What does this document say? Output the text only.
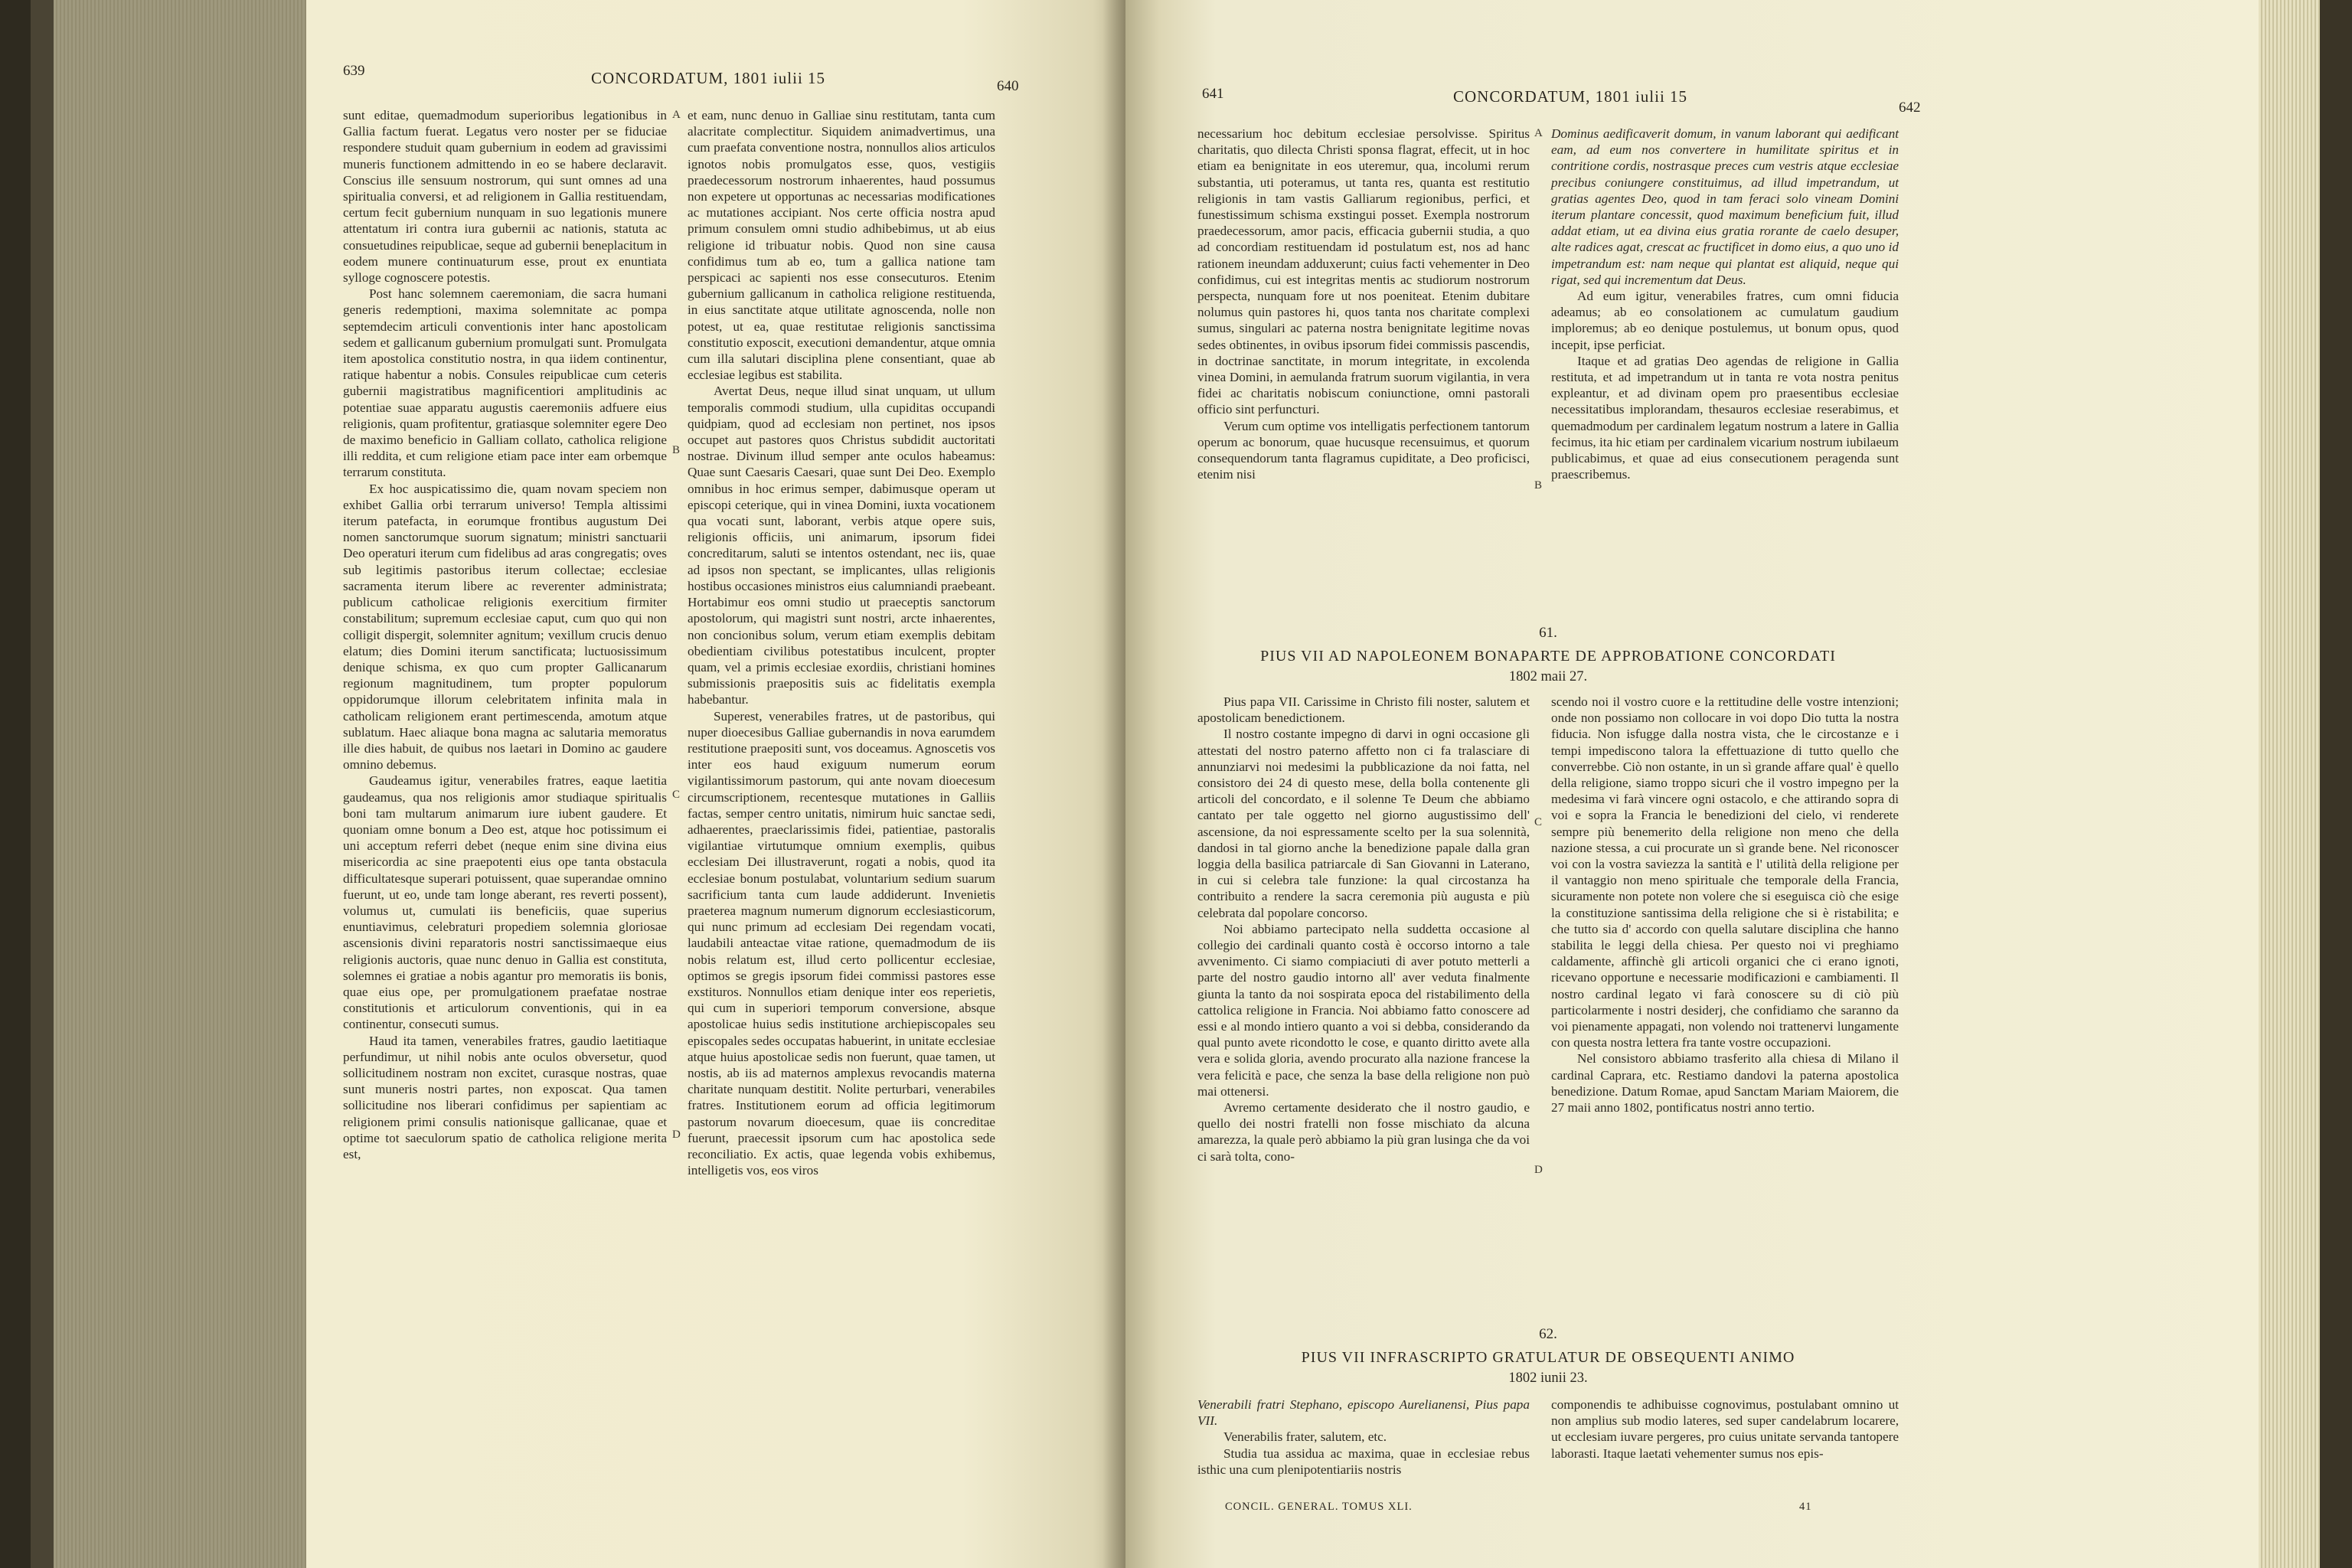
639	CONCORDATUM, 1801 iulii 15	640

sunt editae, quemadmodum superioribus legationibus in Gallia factum fuerat. Legatus vero noster per se fiduciae respondere studuit quam gubernium in eodem ad gravissimi muneris functionem admittendo in eo se habere declaravit. Conscius ille sensuum nostrorum, qui sunt omnes ad una spiritualia conversi, et ad religionem in Gallia restituendam, certum fecit gubernium nunquam in suo legationis munere attentatum iri contra iura gubernii ac nationis, statuta ac consuetudines reipublicae, seque ad gubernii beneplacitum in eodem munere continuaturum esse, prout ex enuntiata sylloge cognoscere potestis.

Post hanc solemnem caeremoniam, die sacra humani generis redemptioni, maxima solemnitate ac pompa septemdecim articuli conventionis inter hanc apostolicam sedem et gallicanum gubernium promulgati sunt. Promulgata item apostolica constitutio nostra, in qua iidem continentur, ratique habentur a nobis. Consules reipublicae cum ceteris gubernii magistratibus magnificentiori amplitudinis ac potentiae suae apparatu augustis caeremoniis adfuere eius religionis, quam profitentur, gratiasque solemniter egere Deo de maximo beneficio in Galliam collato, catholica religione illi reddita, et cum religione etiam pace inter eam orbemque terrarum constituta.

Ex hoc auspicatissimo die, quam novam speciem non exhibet Gallia orbi terrarum universo! Templa altissimi iterum patefacta, in eorumque frontibus augustum Dei nomen sanctorumque suorum signatum; ministri sanctuarii Deo operaturi iterum cum fidelibus ad aras congregatis; oves sub legitimis pastoribus iterum collectae; ecclesiae sacramenta iterum libere ac reverenter administrata; publicum catholicae religionis exercitium firmiter constabilitum; supremum ecclesiae caput, cum quo qui non colligit dispergit, solemniter agnitum; vexillum crucis denuo elatum; dies Domini iterum sanctificata; luctuosissimum denique schisma, ex quo cum propter Gallicanarum regionum magnitudinem, tum propter populorum oppidorumque illorum celebritatem infinita mala in catholicam religionem erant pertimescenda, amotum atque sublatum. Haec aliaque bona magna ac salutaria memoratus ille dies habuit, de quibus nos laetari in Domino ac gaudere omnino debemus.

Gaudeamus igitur, venerabiles fratres, eaque laetitia gaudeamus, qua nos religionis amor studiaque spiritualis boni tam multarum animarum iure iubent gaudere. Et quoniam omne bonum a Deo est, atque hoc potissimum ei uni acceptum referri debet (neque enim sine divina eius misericordia ac sine praepotenti eius ope tanta obstacula difficultatesque superari potuissent, quae superandae omnino fuerunt, ut eo, unde tam longe aberant, res reverti possent), volumus ut, cumulati iis beneficiis, quae superius enuntiavimus, celebraturi propediem solemnia gloriosae ascensionis divini reparatoris nostri sanctissimaeque eius religionis auctoris, quae nunc denuo in Gallia est constituta, solemnes ei gratiae a nobis agantur pro memoratis iis bonis, quae eius ope, per promulgationem praefatae nostrae constitutionis et articulorum conventionis, qui in ea continentur, consecuti sumus.

Haud ita tamen, venerabiles fratres, gaudio laetitiaque perfundimur, ut nihil nobis ante oculos obversetur, quod sollicitudinem nostram non excitet, curasque nostras, quae sunt muneris nostri partes, non exposcat. Qua tamen sollicitudine nos liberari confidimus per sapientiam ac religionem primi consulis nationisque gallicanae, quae et optime tot saeculorum spatio de catholica religione merita est,

A
B
C
D

et eam, nunc denuo in Galliae sinu restitutam, tanta cum alacritate complectitur. Siquidem animadvertimus, una cum praefata conventione nostra, nonnullos alios articulos ignotos nobis promulgatos esse, quos, vestigiis praedecessorum nostrorum inhaerentes, haud possumus non expetere ut opportunas ac necessarias modificationes ac mutationes accipiant. Nos certe officia nostra apud primum consulem omni studio adhibebimus, ut ab eius religione id tribuatur nobis. Quod non sine causa confidimus tum ab eo, tum a gallica natione tam perspicaci ac sapienti nos esse consecuturos. Etenim gubernium gallicanum in catholica religione restituenda, in eius sanctitate atque utilitate agnoscenda, nolle non potest, ut ea, quae restitutae religionis sanctissima constitutio exposcit, executioni demandentur, atque omnia cum illa salutari disciplina plene consentiant, quae ab ecclesiae legibus est stabilita.

Avertat Deus, neque illud sinat unquam, ut ullum temporalis commodi studium, ulla cupiditas occupandi quidpiam, quod ad ecclesiam non pertinet, nos ipsos occupet aut pastores quos Christus subdidit auctoritati nostrae. Divinum illud semper ante oculos habeamus: Quae sunt Caesaris Caesari, quae sunt Dei Deo. Exemplo omnibus in hoc erimus semper, dabimusque operam ut episcopi ceterique, qui in vinea Domini, iuxta vocationem qua vocati sunt, laborant, verbis atque opere suis, religionis officiis, uni animarum, ipsorum fidei concreditarum, saluti se intentos ostendant, nec iis, quae ad ipsos non spectant, se implicantes, ullas religionis hostibus occasiones ministros eius calumniandi praebeant. Hortabimur eos omni studio ut praeceptis sanctorum apostolorum, qui magistri sunt nostri, arcte inhaerentes, non concionibus solum, verum etiam exemplis debitam obedientiam civilibus potestatibus inculcent, propter quam, vel a primis ecclesiae exordiis, christiani homines submissionis praepositis suis ac fidelitatis exempla habebantur.

Superest, venerabiles fratres, ut de pastoribus, qui nuper dioecesibus Galliae gubernandis in nova earumdem restitutione praepositi sunt, vos doceamus. Agnoscetis vos inter eos haud exiguum numerum eorum vigilantissimorum pastorum, qui ante novam dioecesum circumscriptionem, recentesque mutationes in Galliis factas, semper centro unitatis, nimirum huic sanctae sedi, adhaerentes, praeclarissimis fidei, patientiae, pastoralis vigilantiae virtutumque omnium exemplis, quibus ecclesiam Dei illustraverunt, rogati a nobis, quod ita ecclesiae bonum postulabat, voluntarium sedium suarum sacrificium tanta cum laude addiderunt. Invenietis praeterea magnum numerum dignorum ecclesiasticorum, qui nunc primum ad ecclesiam Dei regendam vocati, laudabili anteactae vitae ratione, quemadmodum de iis nobis relatum est, illud certo pollicentur ecclesiae, optimos se gregis ipsorum fidei commissi pastores esse exstituros. Nonnullos etiam denique inter eos reperietis, qui cum in superiori temporum conversione, absque apostolicae huius sedis institutione archiepiscopales seu episcopales sedes occupatas habuerint, in unitate ecclesiae atque huius apostolicae sedis non fuerunt, quae tamen, ut nostis, ab iis ad maternos amplexus revocandis materna charitate nunquam destitit. Nolite perturbari, venerabiles fratres. Institutionem eorum ad officia legitimorum pastorum novarum dioecesum, quae iis concreditae fuerunt, praecessit ipsorum cum hac apostolica sede reconciliatio. Ex actis, quae legenda vobis exhibemus, intelligetis vos, eos viros

641	CONCORDATUM, 1801 iulii 15
642

necessarium hoc debitum ecclesiae persolvisse. Spiritus charitatis, quo dilecta Christi sponsa flagrat, effecit, ut in hoc etiam ea benignitate in eos uteremur, qua, incolumi rerum substantia, uti poteramus, ut tanta res, quanta est restitutio religionis in tam vastis Galliarum regionibus, perfici, et funestissimum schisma exstingui posset. Exempla nostrorum praedecessorum, amor pacis, efficacia gubernii studia, a quo ad concordiam restituendam id postulatum est, nos ad hanc rationem ineundam adduxerunt; cuius facti vehementer in Deo confidimus, cui est integritas mentis ac studiorum nostrorum perspecta, nunquam fore ut nos poeniteat. Etenim dubitare nolumus quin pastores hi, quos tanta nos charitate complexi sumus, singulari ac paterna nostra benignitate legitime novas sedes obtinentes, in ovibus ipsorum fidei commissis pascendis, in doctrinae sanctitate, in morum integritate, in excolenda vinea Domini, in aemulanda fratrum suorum vigilantia, in vera fidei ac charitatis nobiscum coniunctione, omni pastorali officio sint perfuncturi.

Verum cum optime vos intelligatis perfectionem tantorum operum ac bonorum, quae hucusque recensuimus, et quorum consequendorum tanta flagramus cupiditate, a Deo proficisci, etenim nisi

A
B
C
D

Dominus aedificaverit domum, in vanum laborant qui aedificant eam, ad eum nos convertere in humilitate spiritus et in contritione cordis, nostrasque preces cum vestris atque ecclesiae precibus coniungere constituimus, ad illud impetrandum, ut gratias agentes Deo, quod in tam feraci solo vineam Domini iterum plantare concessit, quod maximum beneficium fuit, illud addat etiam, ut ea divina eius gratia rorante de caelo desuper, alte radices agat, crescat ac fructificet in domo eius, a quo uno id impetrandum est: nam neque qui plantat est aliquid, neque qui rigat, sed qui incrementum dat Deus.

Ad eum igitur, venerabiles fratres, cum omni fiducia adeamus; ab eo consolationem ac cumulatum gaudium imploremus; ab eo denique postulemus, ut bonum opus, quod incepit, ipse perficiat.

Itaque et ad gratias Deo agendas de religione in Gallia restituta, et ad impetrandum ut in tanta re vota nostra penitus expleantur, et ad divinam opem pro praesentibus ecclesiae necessitatibus implorandam, thesauros ecclesiae reserabimus, et quemadmodum per cardinalem legatum nostrum a latere in Gallia fecimus, ita hic etiam per cardinalem vicarium nostrum iubilaeum publicabimus, et quae ad eius consecutionem peragenda sunt praescribemus.

61.
PIUS VII AD NAPOLEONEM BONAPARTE DE APPROBATIONE CONCORDATI
1802 maii 27.

Pius papa VII. Carissime in Christo fili noster, salutem et apostolicam benedictionem.

Il nostro costante impegno di darvi in ogni occasione gli attestati del nostro paterno affetto non ci fa tralasciare di annunziarvi noi medesimi la pubblicazione da noi fatta, nel consistoro dei 24 di questo mese, della bolla contenente gli articoli del concordato, e il solenne Te Deum che abbiamo cantato per tale oggetto nel giorno augustissimo dell' ascensione, da noi espressamente scelto per la sua solennità, dandosi in tal giorno anche la benedizione papale dalla gran loggia della basilica patriarcale di San Giovanni in Laterano, in cui si celebra tale funzione: la qual circostanza ha contribuito a rendere la sacra ceremonia più augusta e più celebrata dal popolare concorso.

Noi abbiamo partecipato nella suddetta occasione al collegio dei cardinali quanto costà è occorso intorno a tale avvenimento. Ci siamo compiaciuti di aver potuto metterli a parte del nostro gaudio intorno all' aver veduta finalmente giunta la tanto da noi sospirata epoca del ristabilimento della cattolica religione in Francia. Noi abbiamo fatto conoscere ad essi e al mondo intiero quanto a voi si debba, considerando da qual punto avete ricondotto le cose, e quanto diritto avete alla vera e solida gloria, avendo procurato alla nazione francese la vera felicità e pace, che senza la base della religione non può mai ottenersi.

Avremo certamente desiderato che il nostro gaudio, e quello dei nostri fratelli non fosse mischiato da alcuna amarezza, la quale però abbiamo la più gran lusinga che da voi ci sarà tolta, cono-

scendo noi il vostro cuore e la rettitudine delle vostre intenzioni; onde non possiamo non collocare in voi dopo Dio tutta la nostra fiducia. Non isfugge dalla nostra vista, che le circostanze e i tempi impediscono talora la effettuazione di tutto quello che converrebbe. Ciò non ostante, in un sì grande affare qual' è quello della religione, siamo troppo sicuri che il vostro impegno per la medesima vi farà vincere ogni ostacolo, e che attirando sopra di voi e sopra la Francia le benedizioni del cielo, vi renderete sempre più benemerito della religione non meno che della nazione stessa, a cui procurate un sì grande bene. Nel riconoscer voi con la vostra saviezza la santità e l' utilità della religione per il vantaggio non meno spirituale che temporale della Francia, sicuramente non potete non volere che si eseguisca ciò che esige la constituzione santissima della religione che si è ristabilita; e che tutto sia d' accordo con quella salutare disciplina che hanno stabilita le leggi della chiesa. Per questo noi vi preghiamo caldamente, affinchè gli articoli organici che ci erano ignoti, ricevano opportune e necessarie modificazioni e cambiamenti. Il nostro cardinal legato vi farà conoscere su di ciò più particolarmente i nostri desiderj, che confidiamo che saranno da voi pienamente appagati, non volendo noi trattenervi lungamente con questa nostra lettera fra tante vostre occupazioni.

Nel consistoro abbiamo trasferito alla chiesa di Milano il cardinal Caprara, etc. Restiamo dandovi la paterna apostolica benedizione. Datum Romae, apud Sanctam Mariam Maiorem, die 27 maii anno 1802, pontificatus nostri anno tertio.

62.
PIUS VII INFRASCRIPTO GRATULATUR DE OBSEQUENTI ANIMO
1802 iunii 23.

Venerabili fratri Stephano, episcopo Aurelianensi, Pius papa VII.

Venerabilis frater, salutem, etc.

Studia tua assidua ac maxima, quae in ecclesiae rebus isthic una cum plenipotentiariis nostris

componendis te adhibuisse cognovimus, postulabant omnino ut non amplius sub modio lateres, sed super candelabrum locarere, ut ecclesiam iuvare pergeres, pro cuius unitate servanda tantopere laborasti. Itaque laetati vehementer sumus nos epis-

CONCIL. GENERAL. TOMUS XLI.	41
